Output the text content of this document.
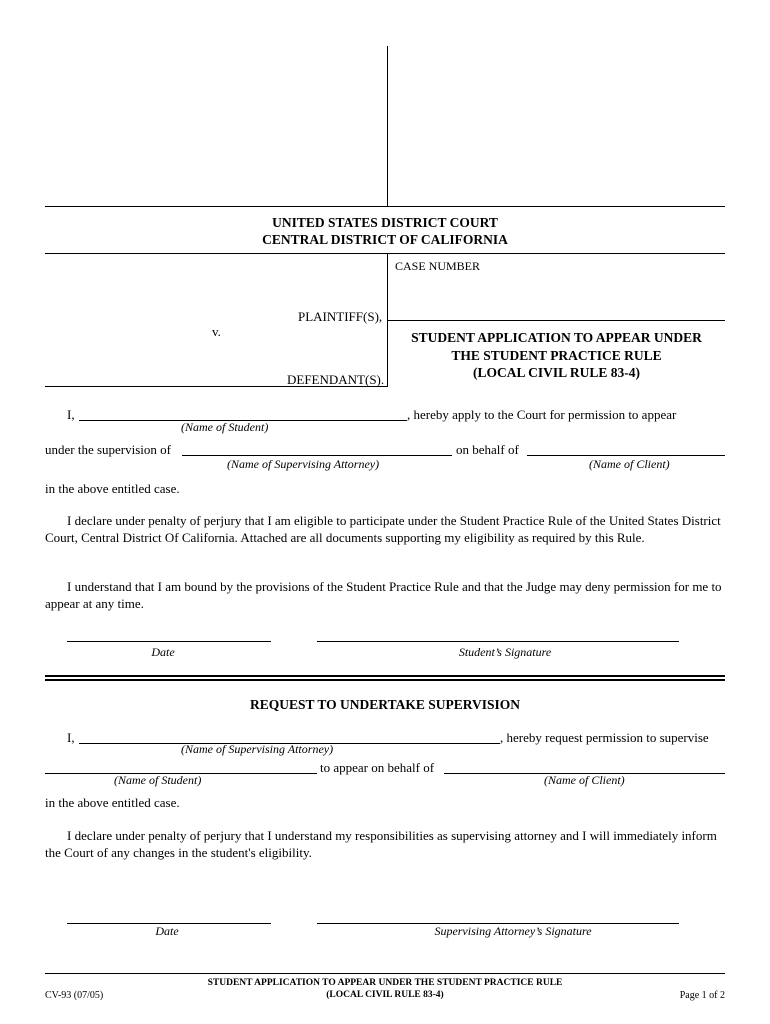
UNITED STATES DISTRICT COURT
CENTRAL DISTRICT OF CALIFORNIA
CASE NUMBER
PLAINTIFF(S),
v.
DEFENDANT(S).
STUDENT APPLICATION TO APPEAR UNDER
THE STUDENT PRACTICE RULE
(LOCAL CIVIL RULE 83-4)
I,	, hereby apply to the Court for permission to appear
(Name of Student)
under the supervision of	on behalf of
(Name of Supervising Attorney)	(Name of Client)
in the above entitled case.
I declare under penalty of perjury that I am eligible to participate under the Student Practice Rule of the United States District Court, Central District Of California. Attached are all documents supporting my eligibility as required by this Rule.
I understand that I am bound by the provisions of the Student Practice Rule and that the Judge may deny permission for me to appear at any time.
Date	Student’s Signature
REQUEST TO UNDERTAKE SUPERVISION
I,	, hereby request permission to supervise
(Name of Supervising Attorney)
to appear on behalf of
(Name of Student)	(Name of Client)
in the above entitled case.
I declare under penalty of perjury that I understand my responsibilities as supervising attorney and I will immediately inform the Court of any changes in the student's eligibility.
Date	Supervising Attorney’s Signature
STUDENT APPLICATION TO APPEAR UNDER THE STUDENT PRACTICE RULE
(LOCAL CIVIL RULE 83-4)
CV-93 (07/05)	Page 1 of 2
